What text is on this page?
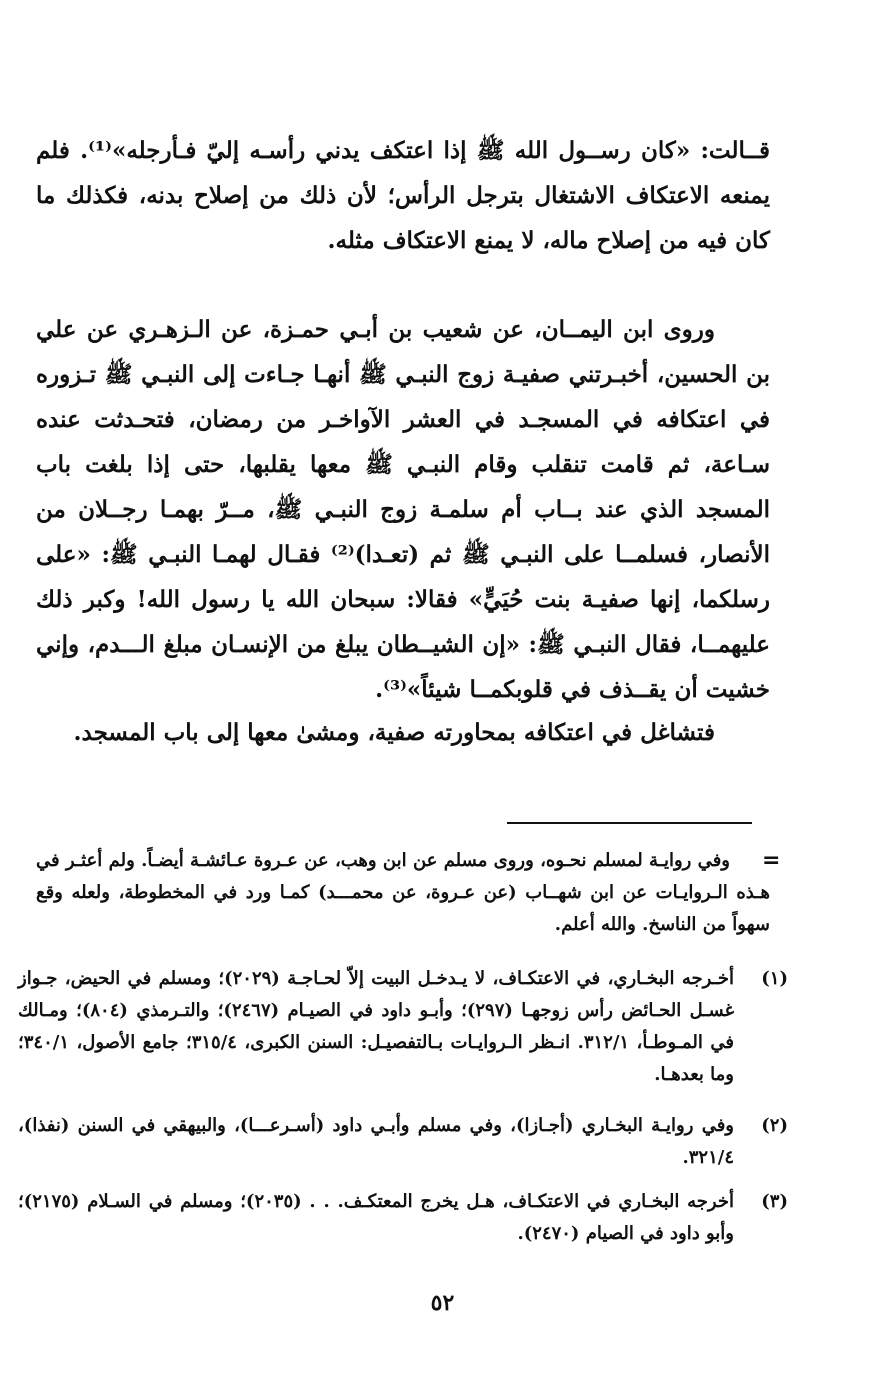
قــالت: «كان رســول الله ﷺ إذا اعتكف يدني رأسـه إليّ فـأرجله»⁽¹⁾. فلم يمنعه الاعتكاف الاشتغال بترجل الرأس؛ لأن ذلك من إصلاح بدنه، فكذلك ما كان فيه من إصلاح ماله، لا يمنع الاعتكاف مثله.

وروى ابن اليمــان، عن شعيب بن أبـي حمـزة، عن الـزهـري عن علي بن الحسين، أخبـرتني صفيـة زوج النبـي ﷺ أنهـا جـاءت إلى النبـي ﷺ تـزوره في اعتكافه في المسجـد في العشر الآواخـر من رمضان، فتحـدثت عنده سـاعة، ثم قامت تنقلب وقام النبـي ﷺ معها يقلبها، حتى إذا بلغت باب المسجد الذي عند بــاب أم سلمـة زوج النبـي ﷺ، مــرّ بهمـا رجــلان من الأنصار، فسلمــا على النبـي ﷺ ثم (تعـدا)⁽²⁾ فقـال لهمـا النبـي ﷺ: «على رسلكما، إنها صفيـة بنت حُيَيٍّ» فقالا: سبحان الله يا رسول الله! وكبر ذلك عليهمــا، فقال النبـي ﷺ: «إن الشيــطان يبلغ من الإنسـان مبلغ الـــدم، وإني خشيت أن يقــذف في قلوبكمــا شيئاً»⁽³⁾.

فتشاغل في اعتكافه بمحاورته صفية، ومشىٰ معها إلى باب المسجد.

=

وفي روايـة لمسلم نحـوه، وروى مسلم عن ابن وهب، عن عـروة عـائشـة أيضـاً. ولم أعثـر في هـذه الـروايـات عن ابن شهــاب (عن عـروة، عن محمـــد) كمـا ورد في المخطوطة، ولعله وقع سهواً من الناسخ. والله أعلم.

(١)
أخـرجه البخـاري، في الاعتكـاف، لا يـدخـل البيت إلاّ لحـاجـة (٢٠٢٩)؛ ومسلم في الحيض، جـواز غسـل الحـائض رأس زوجهـا (٢٩٧)؛ وأبـو داود في الصيـام (٢٤٦٧)؛ والتـرمذي (٨٠٤)؛ ومـالك في المـوطـأ، ٣١٢/١. انـظر الـروايـات بـالتفصيـل: السنن الكبرى، ٣١٥/٤؛ جامع الأصول، ٣٤٠/١؛ وما بعدهـا.
(٢)
وفي روايـة البخـاري (أجـازا)، وفي مسلم وأبـي داود (أسـرعـــا)، والبيهقي في السنن (نفذا)، ٣٢١/٤.
(٣)
أخرجه البخـاري في الاعتكـاف، هـل يخرج المعتكـف. . . (٢٠٣٥)؛ ومسلم في السـلام (٢١٧٥)؛ وأبو داود في الصيام (٢٤٧٠).
٥٢
